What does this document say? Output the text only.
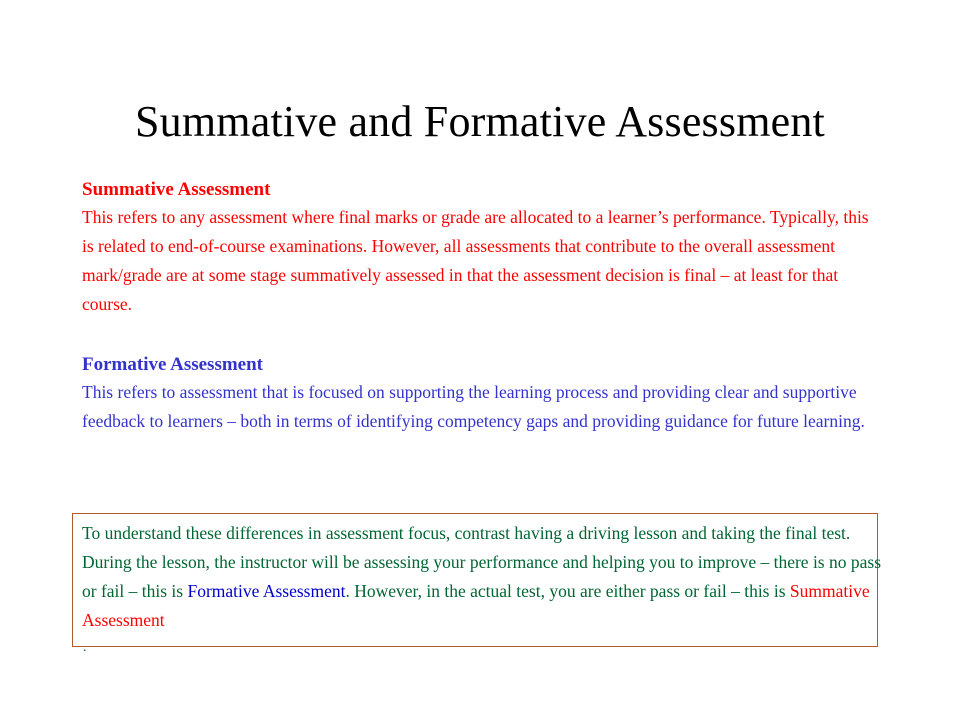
Summative and Formative Assessment

Summative Assessment

This refers to any assessment where final marks or grade are allocated to a learner’s performance. Typically, this is related to end-of-course examinations. However, all assessments that contribute to the overall assessment mark/grade are at some stage summatively assessed in that the assessment decision is final – at least for that course.

Formative Assessment

This refers to assessment that is focused on supporting the learning process and providing clear and supportive feedback to learners – both in terms of identifying competency gaps and providing guidance for future learning.

To understand these differences in assessment focus, contrast having a driving lesson and taking the final test. During the lesson, the instructor will be assessing your performance and helping you to improve – there is no pass or fail – this is Formative Assessment. However, in the actual test, you are either pass or fail – this is Summative Assessment

.
